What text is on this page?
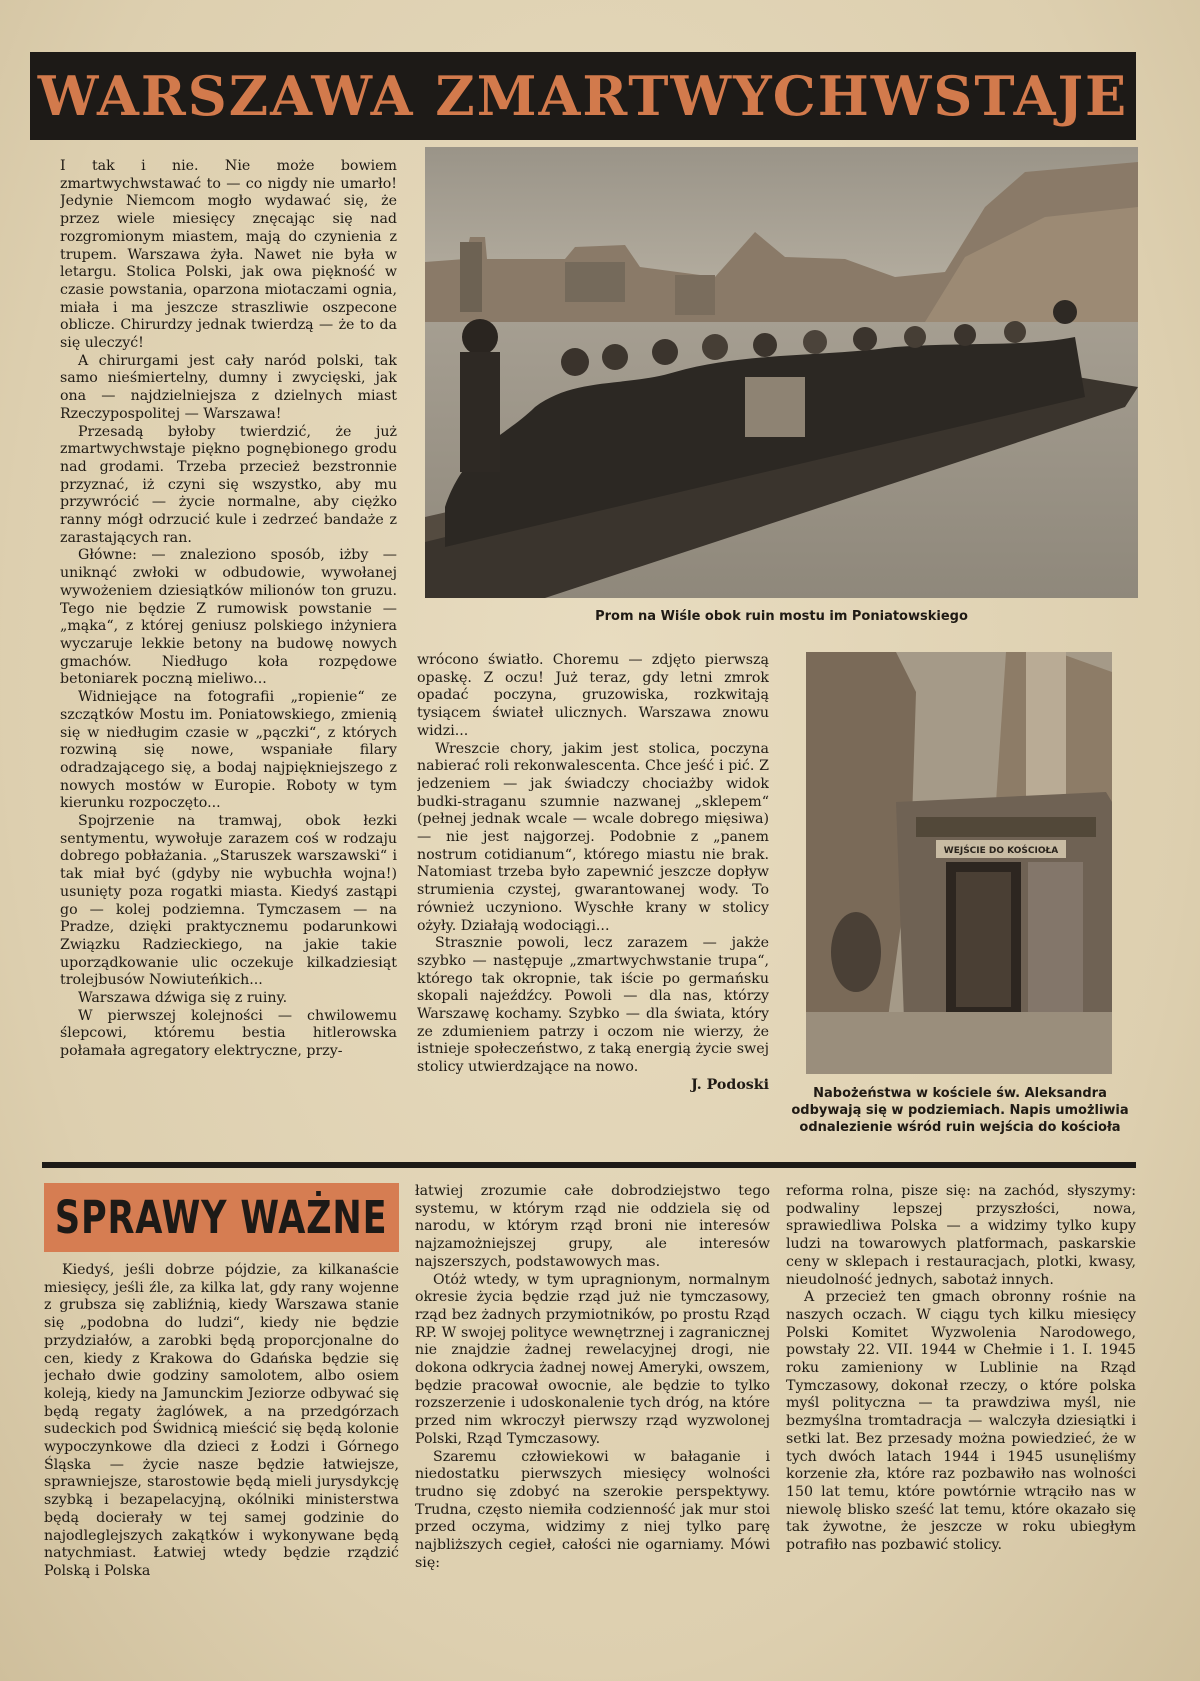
WARSZAWA ZMARTWYCHWSTAJE

I tak i nie. Nie może bowiem zmartwychwstawać to — co nigdy nie umarło! Jedynie Niemcom mogło wydawać się, że przez wiele miesięcy znęcając się nad rozgromionym miastem, mają do czynienia z trupem. Warszawa żyła. Nawet nie była w letargu. Stolica Polski, jak owa piękność w czasie powstania, oparzona miotaczami ognia, miała i ma jeszcze straszliwie oszpecone oblicze. Chirurdzy jednak twierdzą — że to da się uleczyć!

A chirurgami jest cały naród polski, tak samo nieśmiertelny, dumny i zwycięski, jak ona — najdzielniejsza z dzielnych miast Rzeczypospolitej — Warszawa!

Przesadą byłoby twierdzić, że już zmartwychwstaje piękno pognębionego grodu nad grodami. Trzeba przecież bezstronnie przyznać, iż czyni się wszystko, aby mu przywrócić — życie normalne, aby ciężko ranny mógł odrzucić kule i zedrzeć bandaże z zarastających ran.

Główne: — znaleziono sposób, iżby — uniknąć zwłoki w odbudowie, wywołanej wywożeniem dziesiątków milionów ton gruzu. Tego nie będzie Z rumowisk powstanie — „mąka“, z której geniusz polskiego inżyniera wyczaruje lekkie betony na budowę nowych gmachów. Niedługo koła rozpędowe betoniarek poczną mieliwo...

Widniejące na fotografii „ropienie“ ze szczątków Mostu im. Poniatowskiego, zmienią się w niedługim czasie w „pączki“, z których rozwiną się nowe, wspaniałe filary odradzającego się, a bodaj najpiękniejszego z nowych mostów w Europie. Roboty w tym kierunku rozpoczęto...

Spojrzenie na tramwaj, obok łezki sentymentu, wywołuje zarazem coś w rodzaju dobrego pobłażania. „Staruszek warszawski“ i tak miał być (gdyby nie wybuchła wojna!) usunięty poza rogatki miasta. Kiedyś zastąpi go — kolej podziemna. Tymczasem — na Pradze, dzięki praktycznemu podarunkowi Związku Radzieckiego, na jakie takie uporządkowanie ulic oczekuje kilkadziesiąt trolejbusów Nowiuteńkich...

Warszawa dźwiga się z ruiny.

W pierwszej kolejności — chwilowemu ślepcowi, któremu bestia hitlerowska połamała agregatory elektryczne, przy-

Prom na Wiśle obok ruin mostu im Poniatowskiego

wrócono światło. Choremu — zdjęto pierwszą opaskę. Z oczu! Już teraz, gdy letni zmrok opadać poczyna, gruzowiska, rozkwitają tysiącem świateł ulicznych. Warszawa znowu widzi...

Wreszcie chory, jakim jest stolica, poczyna nabierać roli rekonwalescenta. Chce jeść i pić. Z jedzeniem — jak świadczy chociażby widok budki-straganu szumnie nazwanej „sklepem“ (pełnej jednak wcale — wcale dobrego mięsiwa) — nie jest najgorzej. Podobnie z „panem nostrum cotidianum“, którego miastu nie brak. Natomiast trzeba było zapewnić jeszcze dopływ strumienia czystej, gwarantowanej wody. To również uczyniono. Wyschłe krany w stolicy ożyły. Działają wodociągi...

Strasznie powoli, lecz zarazem — jakże szybko — następuje „zmartwychwstanie trupa“, którego tak okropnie, tak iście po germańsku skopali najeźdźcy. Powoli — dla nas, którzy Warszawę kochamy. Szybko — dla świata, który ze zdumieniem patrzy i oczom nie wierzy, że istnieje społeczeństwo, z taką energią życie swej stolicy utwierdzające na nowo.

J. Podoski

WEJŚCIE DO KOŚCIOŁA
Nabożeństwa w kościele św. Aleksandra odbywają się w podziemiach. Napis umożliwia odnalezienie wśród ruin wejścia do kościoła
SPRAWY WAŻNE

Kiedyś, jeśli dobrze pójdzie, za kilkanaście miesięcy, jeśli źle, za kilka lat, gdy rany wojenne z grubsza się zabliźnią, kiedy Warszawa stanie się „podobna do ludzi“, kiedy nie będzie przydziałów, a zarobki będą proporcjonalne do cen, kiedy z Krakowa do Gdańska będzie się jechało dwie godziny samolotem, albo osiem koleją, kiedy na Jamunckim Jeziorze odbywać się będą regaty żaglówek, a na przedgórzach sudeckich pod Świdnicą mieścić się będą kolonie wypoczynkowe dla dzieci z Łodzi i Górnego Śląska — życie nasze będzie łatwiejsze, sprawniejsze, starostowie będą mieli jurysdykcję szybką i bezapelacyjną, okólniki ministerstwa będą docierały w tej samej godzinie do najodleglejszych zakątków i wykonywane będą natychmiast. Łatwiej wtedy będzie rządzić Polską i Polska

łatwiej zrozumie całe dobrodziejstwo tego systemu, w którym rząd nie oddziela się od narodu, w którym rząd broni nie interesów najzamożniejszej grupy, ale interesów najszerszych, podstawowych mas.

Otóż wtedy, w tym upragnionym, normalnym okresie życia będzie rząd już nie tymczasowy, rząd bez żadnych przymiotników, po prostu Rząd RP. W swojej polityce wewnętrznej i zagranicznej nie znajdzie żadnej rewelacyjnej drogi, nie dokona odkrycia żadnej nowej Ameryki, owszem, będzie pracował owocnie, ale będzie to tylko rozszerzenie i udoskonalenie tych dróg, na które przed nim wkroczył pierwszy rząd wyzwolonej Polski, Rząd Tymczasowy.

Szaremu człowiekowi w bałaganie i niedostatku pierwszych miesięcy wolności trudno się zdobyć na szerokie perspektywy. Trudna, często niemiła codzienność jak mur stoi przed oczyma, widzimy z niej tylko parę najbliższych cegieł, całości nie ogarniamy. Mówi się:

reforma rolna, pisze się: na zachód, słyszymy: podwaliny lepszej przyszłości, nowa, sprawiedliwa Polska — a widzimy tylko kupy ludzi na towarowych platformach, paskarskie ceny w sklepach i restauracjach, plotki, kwasy, nieudolność jednych, sabotaż innych.

A przecież ten gmach obronny rośnie na naszych oczach. W ciągu tych kilku miesięcy Polski Komitet Wyzwolenia Narodowego, powstały 22. VII. 1944 w Chełmie i 1. I. 1945 roku zamieniony w Lublinie na Rząd Tymczasowy, dokonał rzeczy, o które polska myśl polityczna — ta prawdziwa myśl, nie bezmyślna tromtadracja — walczyła dziesiątki i setki lat. Bez przesady można powiedzieć, że w tych dwóch latach 1944 i 1945 usunęliśmy korzenie zła, które raz pozbawiło nas wolności 150 lat temu, które powtórnie wtrąciło nas w niewolę blisko sześć lat temu, które okazało się tak żywotne, że jeszcze w roku ubiegłym potrafiło nas pozbawić stolicy.
